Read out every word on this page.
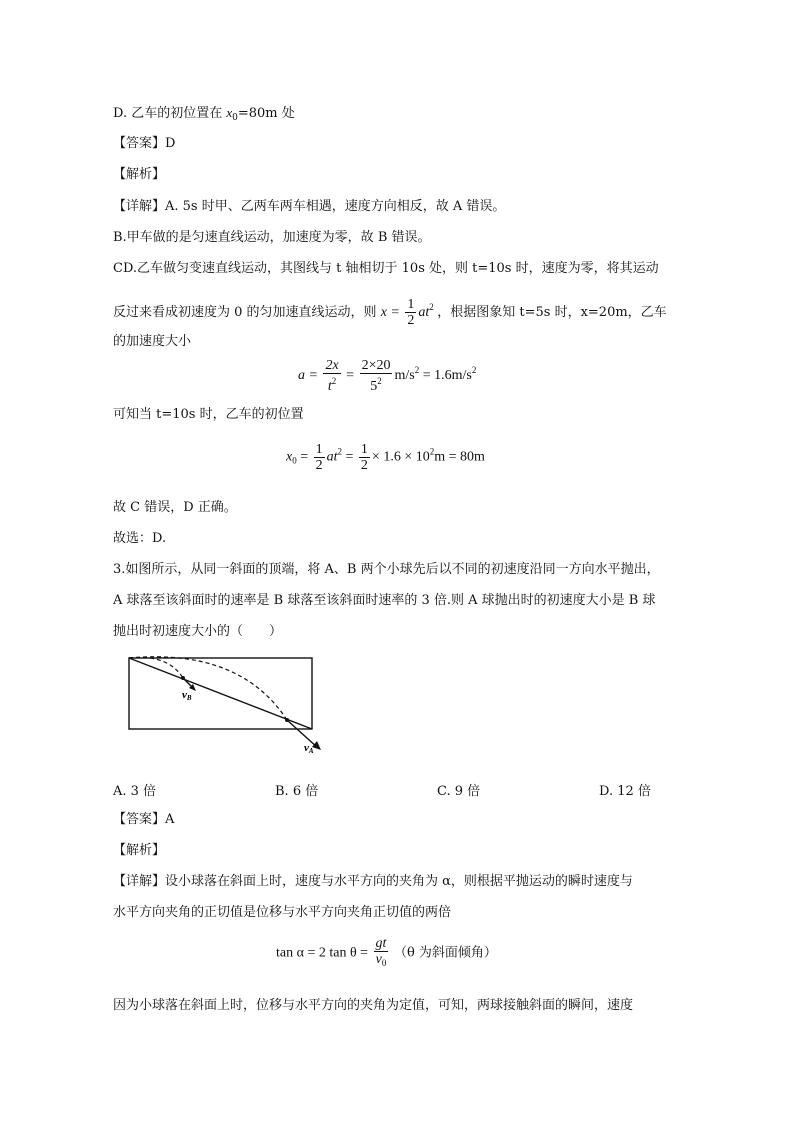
D. 乙车的初位置在 $x_0=80m$ 处
【答案】D
【解析】
【详解】A. 5s 时甲、乙两车两车相遇，速度方向相反，故 A 错误。
B.甲车做的是匀速直线运动，加速度为零，故 B 错误。
CD.乙车做匀变速直线运动，其图线与 t 轴相切于 10s 处，则 t=10s 时，速度为零，将其运动
反过来看成初速度为 0 的匀加速直线运动，则 $x = \frac{1}{2} at^2$ ，根据图象知 t=5s 时，x=20m，乙车
的加速度大小
$a = \frac{2x}{t^2} = \frac{2\times 20}{5^2} m/s^2 = 1.6m/s^2$
可知当 t=10s 时，乙车的初位置
$x_0 = \frac{1}{2} at^2 = \frac{1}{2} \times 1.6 \times 10^2m = 80m$
故 C 错误，D 正确。
故选：D.
3.如图所示，从同一斜面的顶端，将 A、B 两个小球先后以不同的初速度沿同一方向水平抛出，
A 球落至该斜面时的速率是 B 球落至该斜面时速率的 3 倍.则 A 球抛出时的初速度大小是 B 球
抛出时初速度大小的（　　）
vB
vA
A. 3 倍	B. 6 倍	C. 9 倍	D. 12 倍
【答案】A
【解析】
【详解】设小球落在斜面上时，速度与水平方向的夹角为 α，则根据平抛运动的瞬时速度与
水平方向夹角的正切值是位移与水平方向夹角正切值的两倍
tan α = 2 $\tan \theta = \frac{gt}{v_0} (\theta$ 为斜面倾角）
因为小球落在斜面上时，位移与水平方向的夹角为定值，可知，两球接触斜面的瞬间，速度
